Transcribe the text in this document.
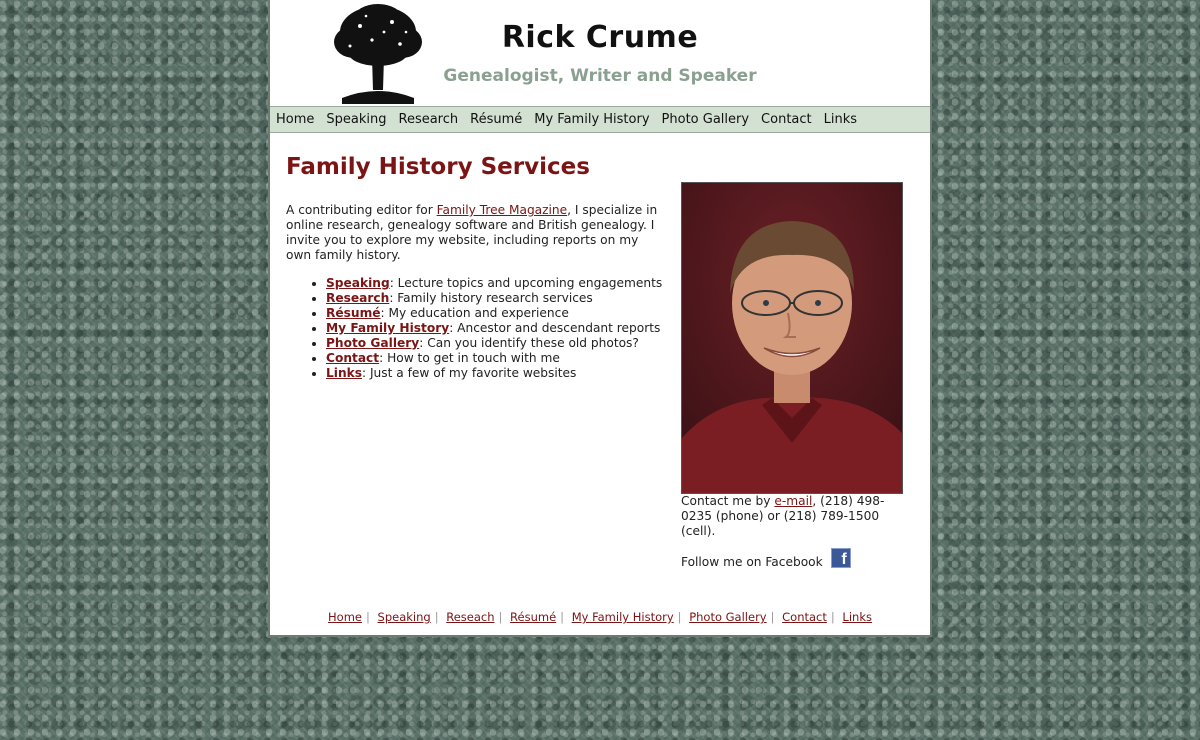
Rick Crume
Genealogist, Writer and Speaker
Home Speaking Research Résumé My Family History Photo Gallery Contact Links
Family History Services

A contributing editor for Family Tree Magazine, I specialize in online research, genealogy software and British genealogy. I invite you to explore my website, including reports on my own family history.

• Speaking: Lecture topics and upcoming engagements
• Research: Family history research services
• Résumé: My education and experience
• My Family History: Ancestor and descendant reports
• Photo Gallery: Can you identify these old photos?
• Contact: How to get in touch with me
• Links: Just a few of my favorite websites

Contact me by e-mail, (218) 498-0235 (phone) or (218) 789-1500 (cell).

Follow me on Facebook	f
Home | Speaking | Reseach | Résumé | My Family History | Photo Gallery | Contact | Links
